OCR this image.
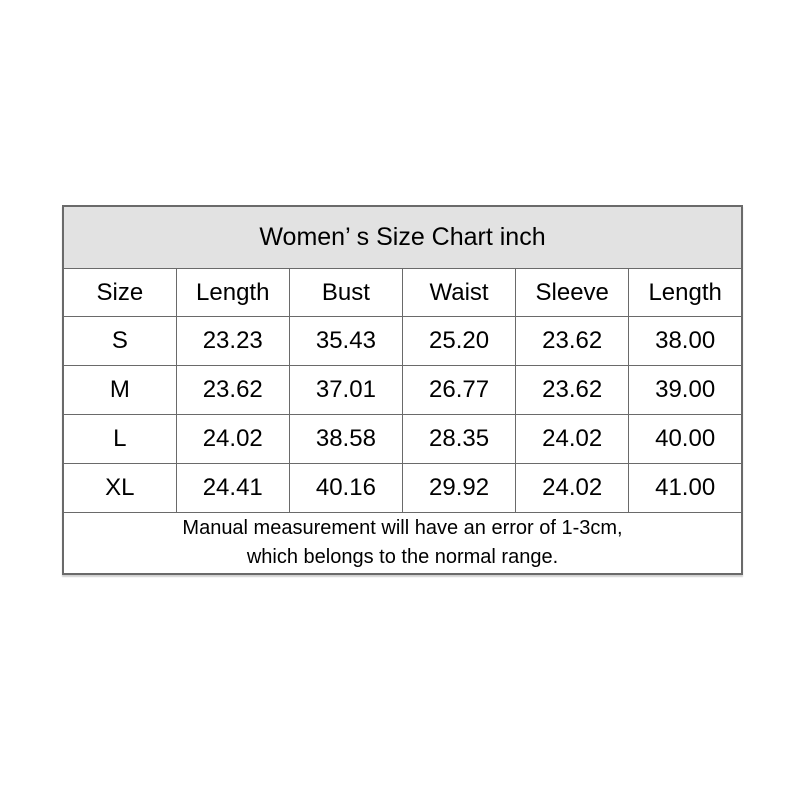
Women’ s Size Chart inch					
Size	Length	Bust	Waist	Sleeve	Length
S	23.23	35.43	25.20	23.62	38.00
M	23.62	37.01	26.77	23.62	39.00
L	24.02	38.58	28.35	24.02	40.00
XL	24.41	40.16	29.92	24.02	41.00

Manual measurement will have an error of 1-3cm,
which belongs to the normal range.					
